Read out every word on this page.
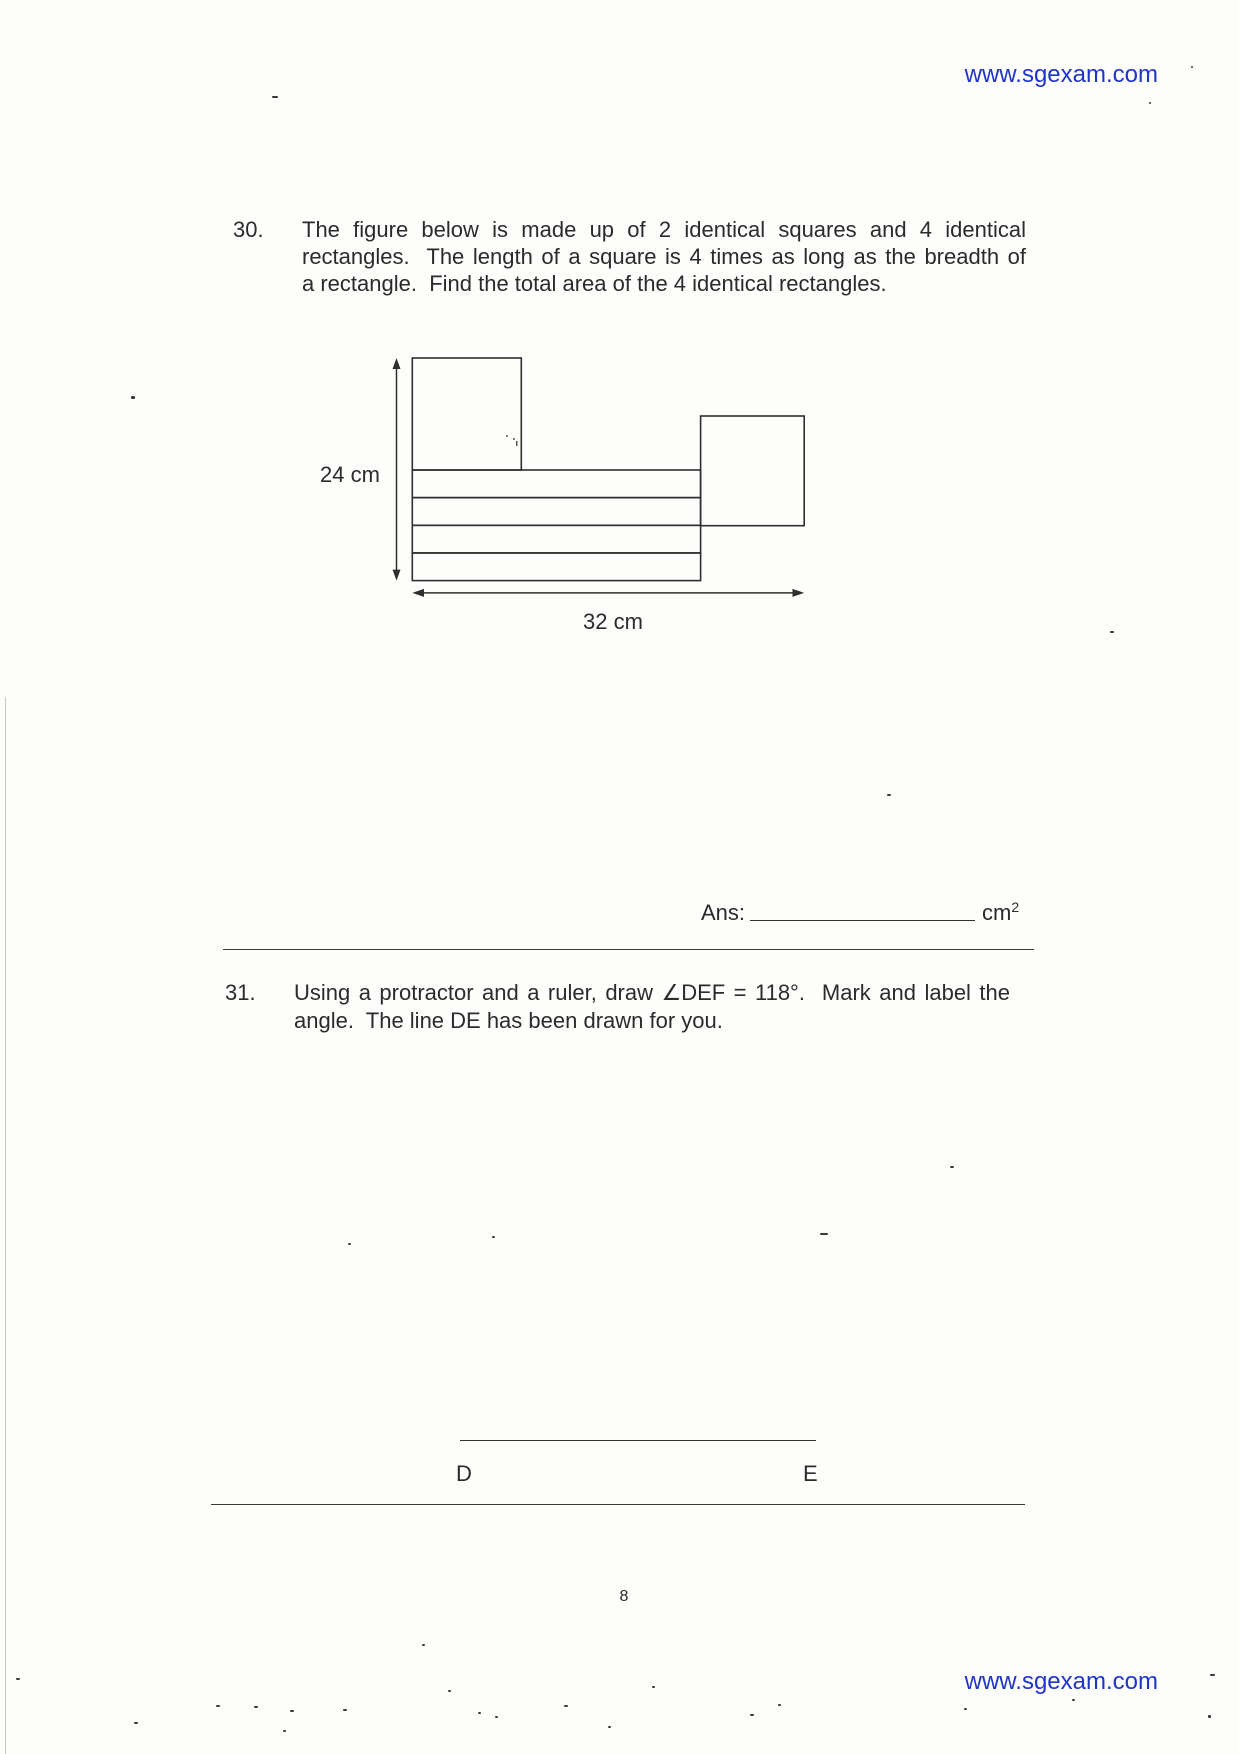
www.sgexam.com
30. The figure below is made up of 2 identical squares and 4 identical
rectangles.  The length of a square is 4 times as long as the breadth of
a rectangle.  Find the total area of the 4 identical rectangles.
24 cm
32 cm
Ans:	$cm^2$
31. Using a protractor and a ruler, draw ∠DEF = 118°.  Mark and label the
angle.  The line DE has been drawn for you.
D	E
8
www.sgexam.com
